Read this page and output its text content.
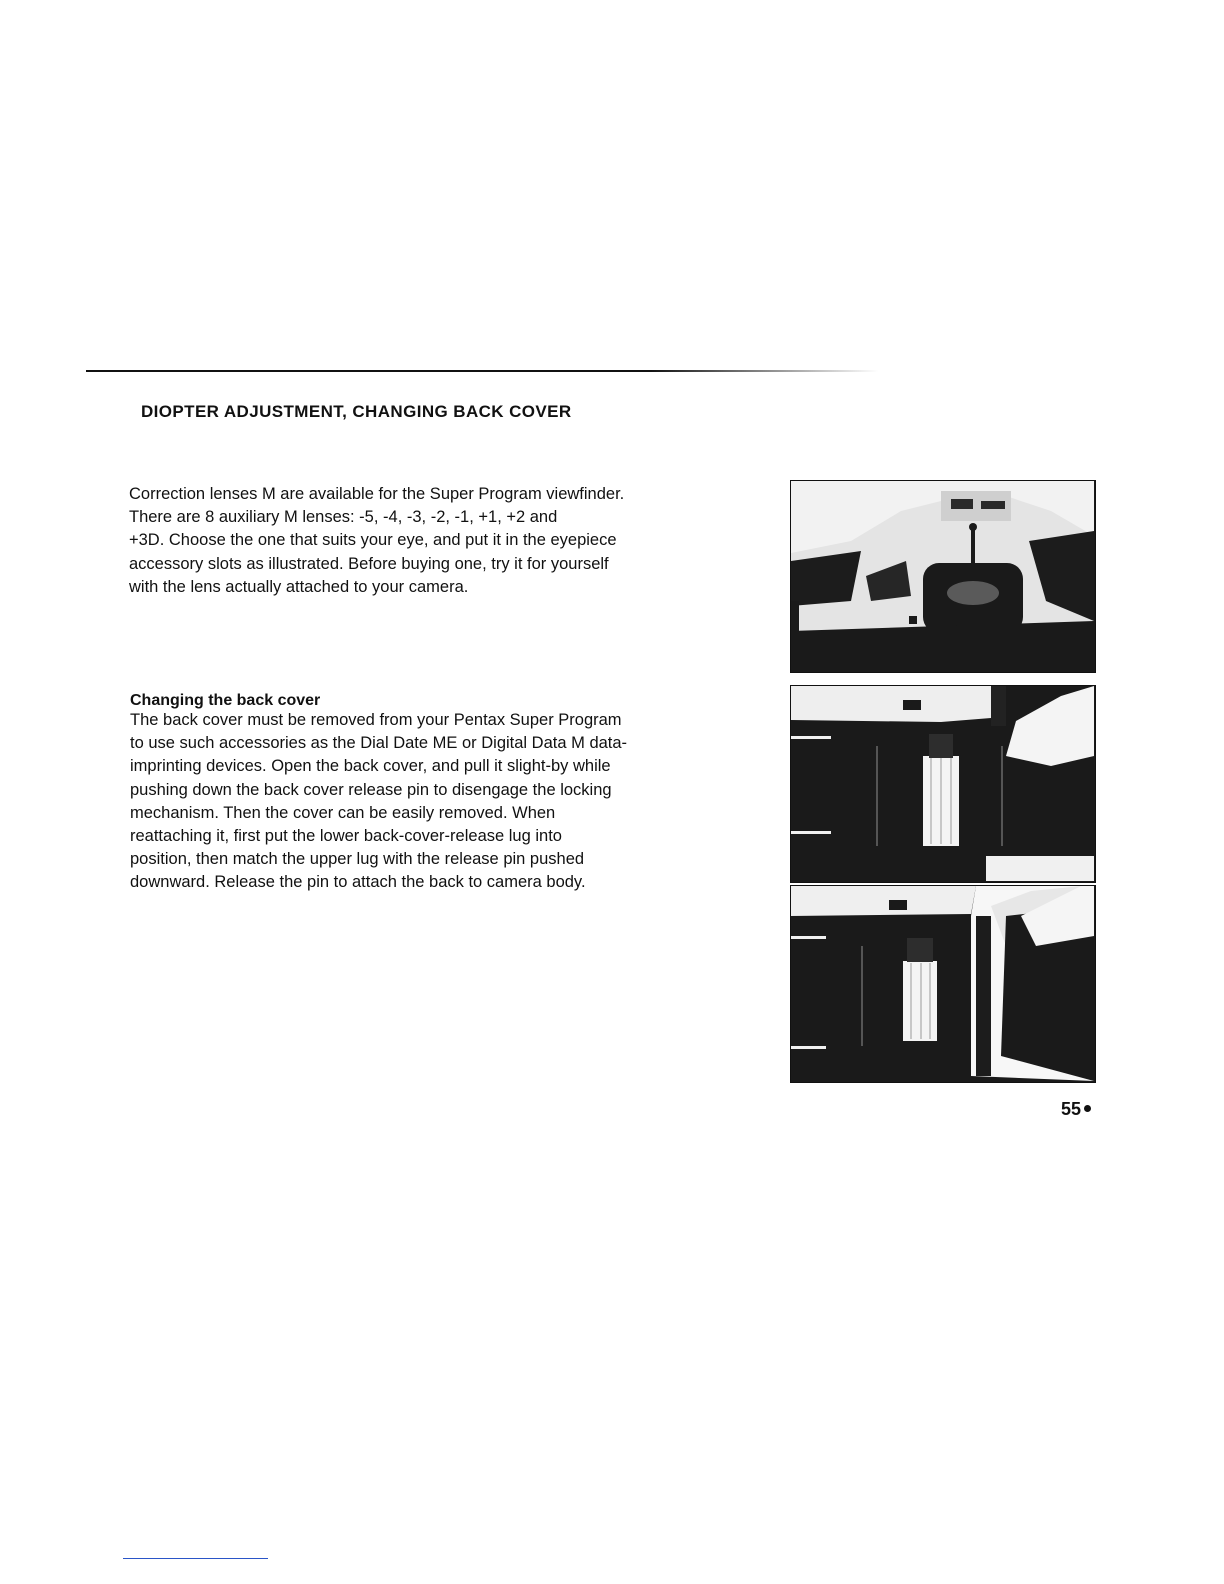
DIOPTER ADJUSTMENT, CHANGING BACK COVER
Correction lenses M are available for the Super Program viewfinder.
There are 8 auxiliary M lenses: -5, -4, -3, -2, -1, +1, +2 and
+3D. Choose the one that suits your eye, and put it in the eyepiece
accessory slots as illustrated. Before buying one, try it for yourself
with the lens actually attached to your camera.
Changing the back cover
The back cover must be removed from your Pentax Super Program
to use such accessories as the Dial Date ME or Digital Data M data-
imprinting devices. Open the back cover, and pull it slight-by while
pushing down the back cover release pin to disengage the locking
mechanism. Then the cover can be easily removed. When
reattaching it, first put the lower back-cover-release lug into
position, then match the upper lug with the release pin pushed
downward. Release the pin to attach the back to camera body.
55
